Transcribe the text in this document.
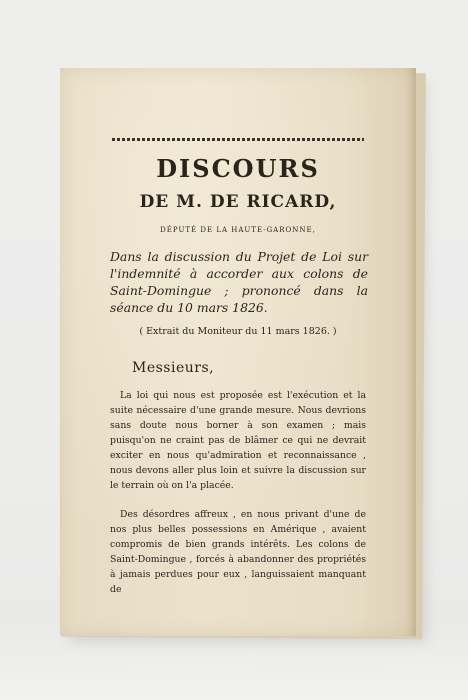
DISCOURS
DE M. DE RICARD,
DÉPUTÉ DE LA HAUTE-GARONNE,

Dans la discussion du Projet de Loi sur l'indemnité à accorder aux colons de Saint-Domingue ; prononcé dans la séance du 10 mars 1826.

( Extrait du Moniteur du 11 mars 1826. )
Messieurs,

La loi qui nous est proposée est l'exécution et la suite nécessaire d'une grande mesure. Nous devrions sans doute nous borner à son examen ; mais puisqu'on ne craint pas de blâmer ce qui ne devrait exciter en nous qu'admiration et reconnaissance , nous devons aller plus loin et suivre la discussion sur le terrain où on l'a placée.

Des désordres affreux , en nous privant d'une de nos plus belles possessions en Amérique , avaient compromis de bien grands intérêts. Les colons de Saint-Domingue , forcés à abandonner des propriétés à jamais perdues pour eux , languissaient manquant de
